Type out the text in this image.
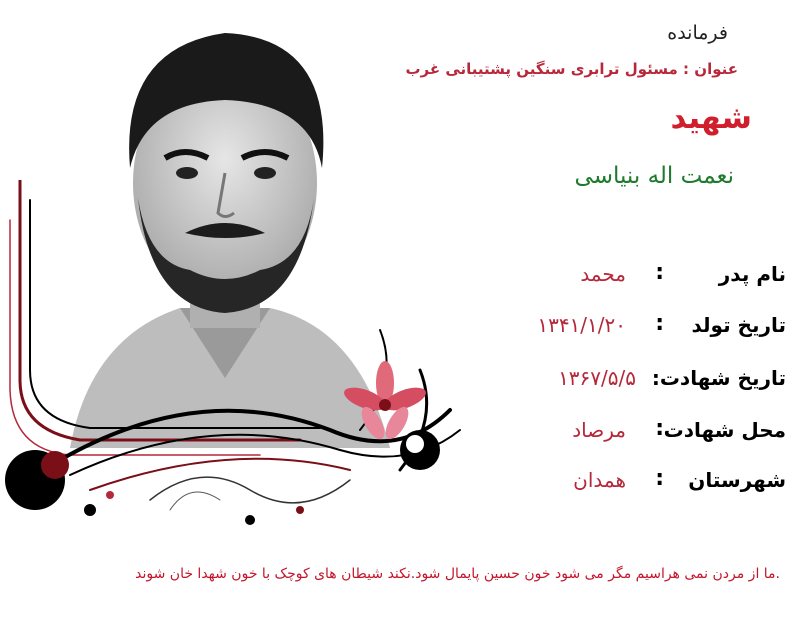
فرمانده
عنوان : مسئول ترابری سنگین پشتیبانی غرب
شهید
نعمت اله بنیاسی
نام پدر
:
محمد
تاریخ تولد
:
۱۳۴۱/۱/۲۰
تاریخ شهادت:
۱۳۶۷/۵/۵
محل شهادت
:
مرصاد
شهرستان
:
همدان
.ما از مردن نمی هراسیم مگر می شود خون حسین پایمال شود.نکند شیطان های کوچک با خون شهدا خان شوند
